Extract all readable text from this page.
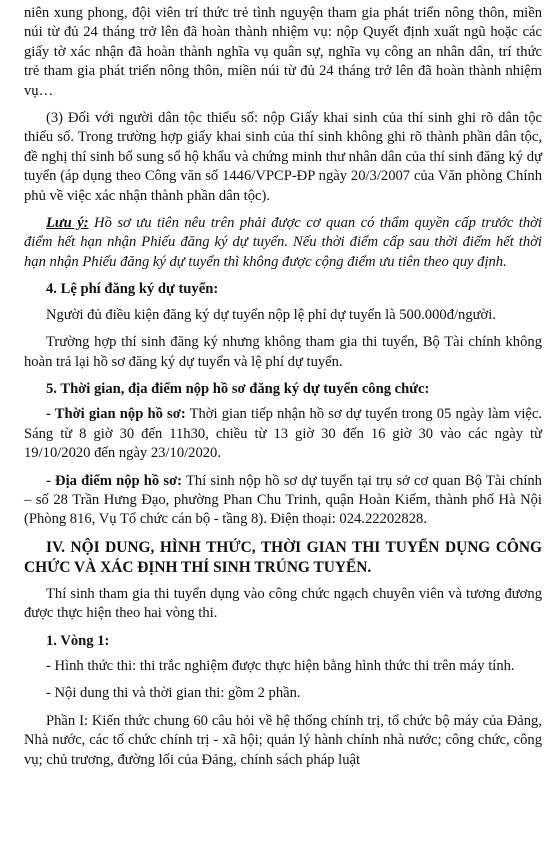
niên xung phong, đội viên trí thức trẻ tình nguyện tham gia phát triển nông thôn, miền núi từ đủ 24 tháng trở lên đã hoàn thành nhiệm vụ: nộp Quyết định xuất ngũ hoặc các giấy tờ xác nhận đã hoàn thành nghĩa vụ quân sự, nghĩa vụ công an nhân dân, trí thức trẻ tham gia phát triển nông thôn, miền núi từ đủ 24 tháng trở lên đã hoàn thành nhiệm vụ…

(3) Đối với người dân tộc thiểu số: nộp Giấy khai sinh của thí sinh ghi rõ dân tộc thiểu số. Trong trường hợp giấy khai sinh của thí sinh không ghi rõ thành phần dân tộc, đề nghị thí sinh bổ sung sổ hộ khẩu và chứng minh thư nhân dân của thí sinh đăng ký dự tuyển (áp dụng theo Công văn số 1446/VPCP-ĐP ngày 20/3/2007 của Văn phòng Chính phủ về việc xác nhận thành phần dân tộc).

Lưu ý: Hồ sơ ưu tiên nêu trên phải được cơ quan có thẩm quyền cấp trước thời điểm hết hạn nhận Phiếu đăng ký dự tuyển. Nếu thời điểm cấp sau thời điểm hết thời hạn nhận Phiếu đăng ký dự tuyển thì không được cộng điểm ưu tiên theo quy định.

4. Lệ phí đăng ký dự tuyển:

Người đủ điều kiện đăng ký dự tuyển nộp lệ phí dự tuyển là 500.000đ/người.

Trường hợp thí sinh đăng ký nhưng không tham gia thi tuyển, Bộ Tài chính không hoàn trả lại hồ sơ đăng ký dự tuyển và lệ phí dự tuyển.

5. Thời gian, địa điểm nộp hồ sơ đăng ký dự tuyển công chức:

- Thời gian nộp hồ sơ: Thời gian tiếp nhận hồ sơ dự tuyển trong 05 ngày làm việc. Sáng từ 8 giờ 30 đến 11h30, chiều từ 13 giờ 30 đến 16 giờ 30 vào các ngày từ 19/10/2020 đến ngày 23/10/2020.

- Địa điểm nộp hồ sơ: Thí sinh nộp hồ sơ dự tuyển tại trụ sở cơ quan Bộ Tài chính – số 28 Trần Hưng Đạo, phường Phan Chu Trinh, quận Hoàn Kiếm, thành phố Hà Nội (Phòng 816, Vụ Tổ chức cán bộ - tầng 8). Điện thoại: 024.22202828.

IV. NỘI DUNG, HÌNH THỨC, THỜI GIAN THI TUYỂN DỤNG CÔNG CHỨC VÀ XÁC ĐỊNH THÍ SINH TRÚNG TUYỂN.

Thí sinh tham gia thi tuyển dụng vào công chức ngạch chuyên viên và tương đương được thực hiện theo hai vòng thi.

1. Vòng 1:

- Hình thức thi: thi trắc nghiệm được thực hiện bằng hình thức thi trên máy tính.

- Nội dung thi và thời gian thi: gồm 2 phần.

Phần I: Kiến thức chung 60 câu hỏi về hệ thống chính trị, tổ chức bộ máy của Đảng, Nhà nước, các tổ chức chính trị - xã hội; quản lý hành chính nhà nước; công chức, công vụ; chủ trương, đường lối của Đảng, chính sách pháp luật
